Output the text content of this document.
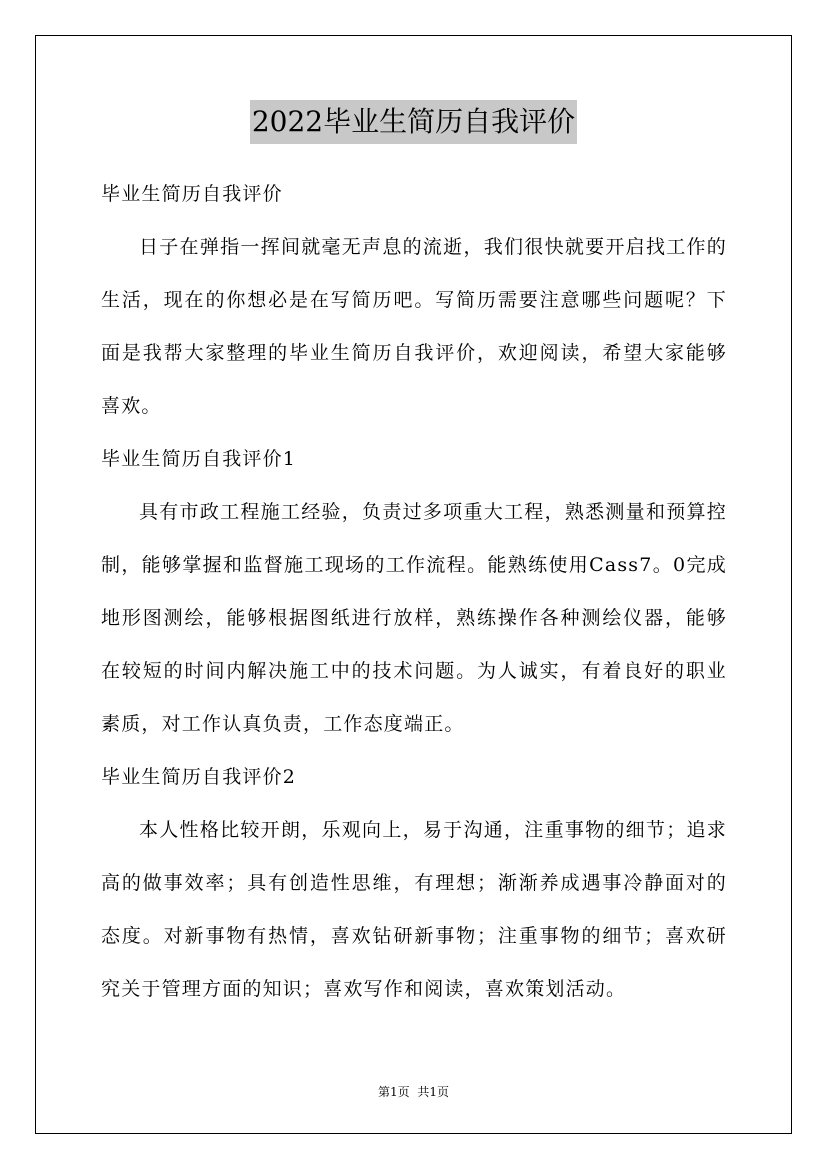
2022毕业生简历自我评价

毕业生简历自我评价

日子在弹指一挥间就毫无声息的流逝，我们很快就要开启找工作的生活，现在的你想必是在写简历吧。写简历需要注意哪些问题呢？下面是我帮大家整理的毕业生简历自我评价，欢迎阅读，希望大家能够喜欢。

毕业生简历自我评价1

具有市政工程施工经验，负责过多项重大工程，熟悉测量和预算控制，能够掌握和监督施工现场的工作流程。能熟练使用Cass7。0完成地形图测绘，能够根据图纸进行放样，熟练操作各种测绘仪器，能够在较短的时间内解决施工中的技术问题。为人诚实，有着良好的职业素质，对工作认真负责，工作态度端正。

毕业生简历自我评价2

本人性格比较开朗，乐观向上，易于沟通，注重事物的细节；追求高的做事效率；具有创造性思维，有理想；渐渐养成遇事冷静面对的态度。对新事物有热情，喜欢钻研新事物；注重事物的细节；喜欢研究关于管理方面的知识；喜欢写作和阅读，喜欢策划活动。

第1页 共1页
